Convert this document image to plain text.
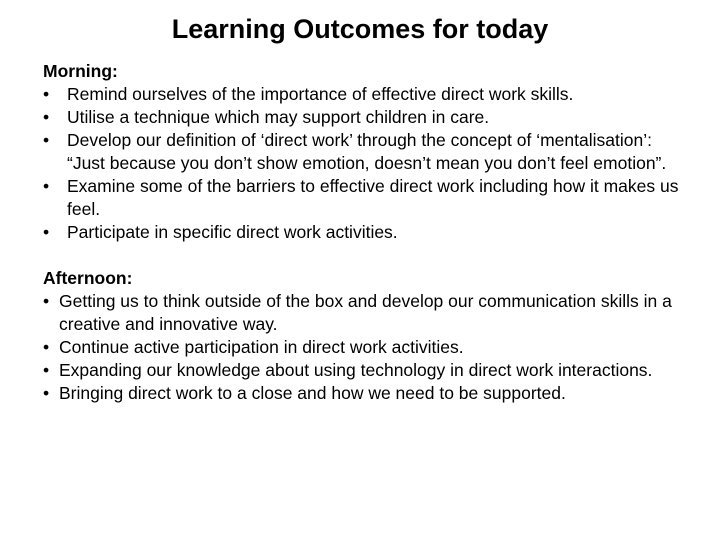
Learning Outcomes for today

Morning:

• Remind ourselves of the importance of effective direct work skills.
• Utilise a technique which may support children in care.
• Develop our definition of ‘direct work’ through the concept of ‘mentalisation’: “Just because you don’t show emotion, doesn’t mean you don’t feel emotion”.
• Examine some of the barriers to effective direct work including how it makes us feel.
• Participate in specific direct work activities.

Afternoon:

• Getting us to think outside of the box and develop our communication skills in a creative and innovative way.
• Continue active participation in direct work activities.
• Expanding our knowledge about using technology in direct work interactions.
• Bringing direct work to a close and how we need to be supported.
